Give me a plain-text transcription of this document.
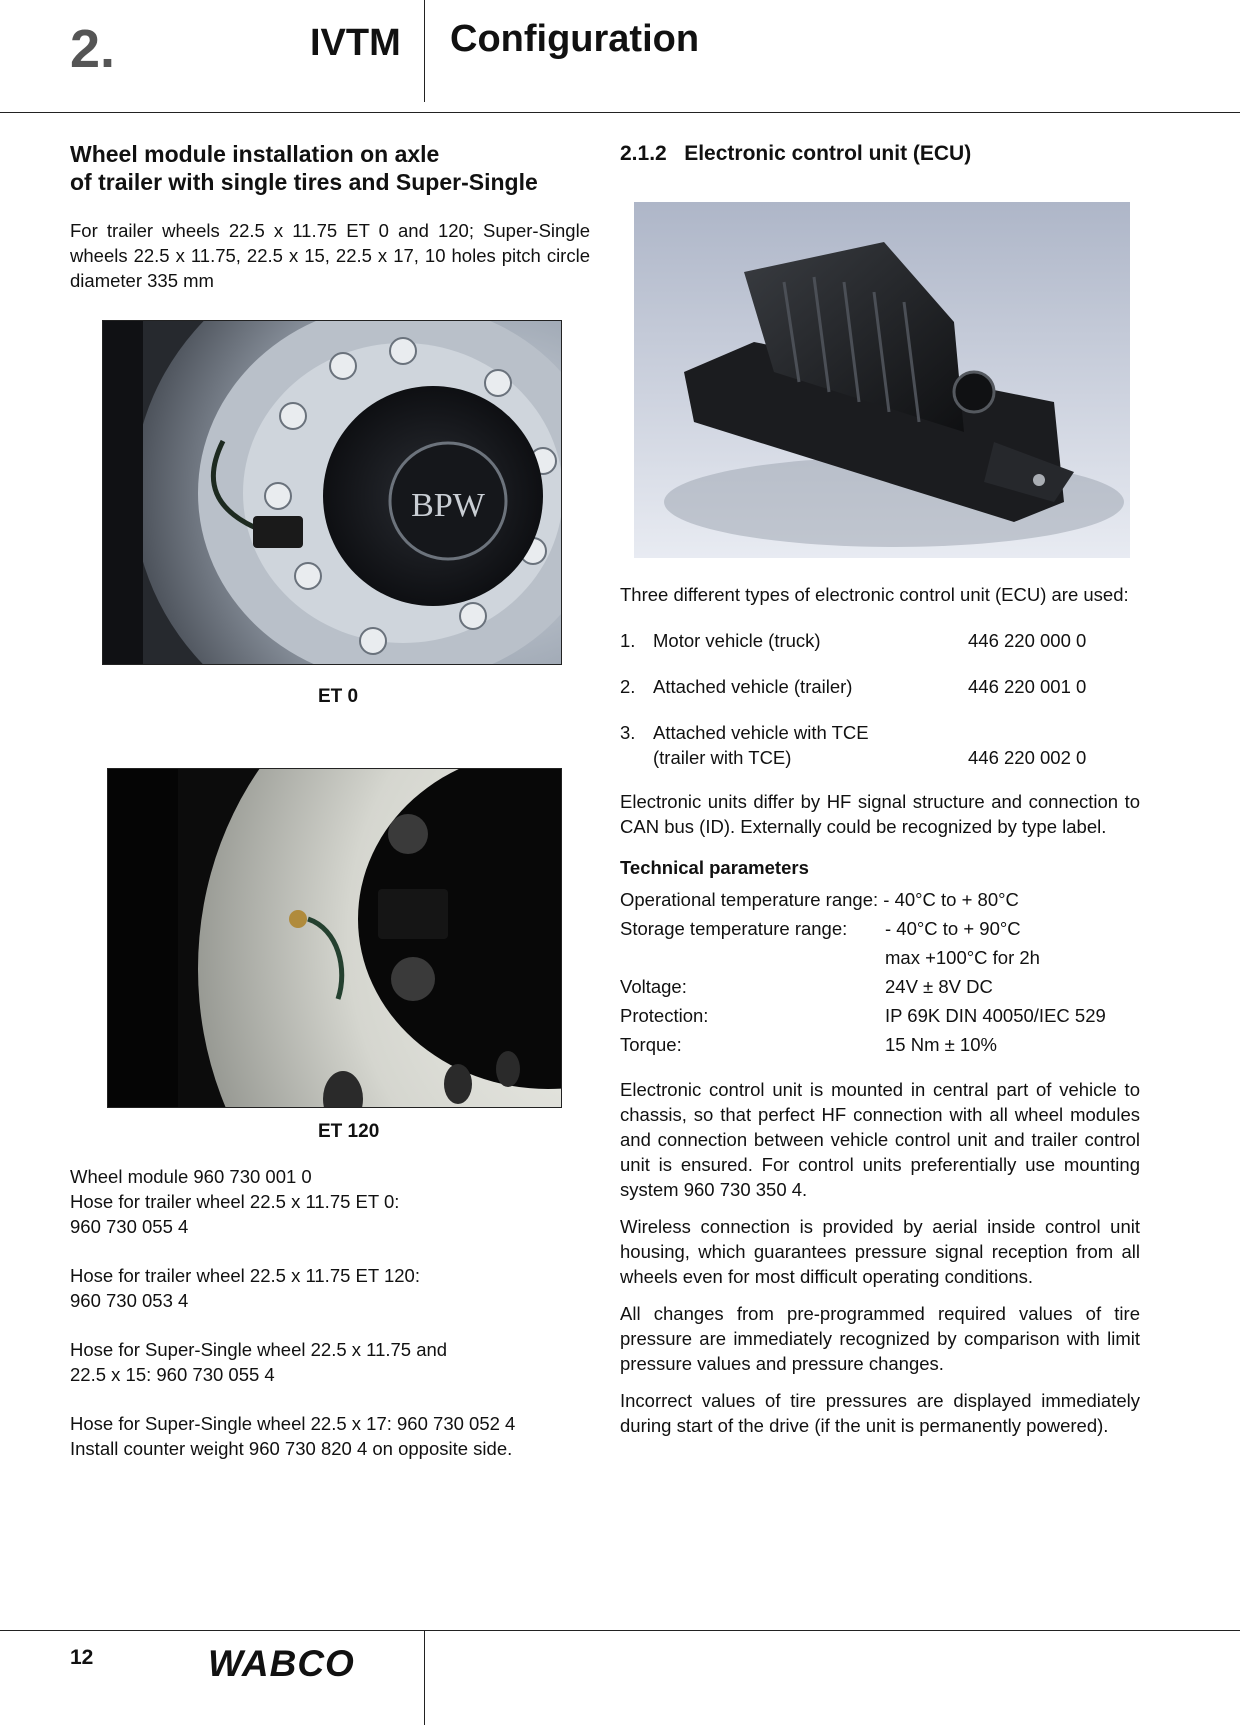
2.	IVTM Configuration
Wheel module installation on axle
of trailer with single tires and Super-Single

For trailer wheels 22.5 x 11.75 ET 0 and 120; Super-Single wheels 22.5 x 11.75, 22.5 x 15, 22.5 x 17, 10 holes pitch circle diameter 335 mm

BPW
ET 0
ET 120

Wheel module 960 730 001 0
Hose for trailer wheel 22.5 x 11.75 ET 0:
960 730 055 4

Hose for trailer wheel 22.5 x 11.75 ET 120:
960 730 053 4

Hose for Super-Single wheel 22.5 x 11.75 and
22.5 x 15: 960 730 055 4

Hose for Super-Single wheel 22.5 x 17: 960 730 052 4
Install counter weight 960 730 820 4 on opposite side.

2.1.2   Electronic control unit (ECU)

Three different types of electronic control unit (ECU) are used:

1. Motor vehicle (truck)	446 220 000 0
2. Attached vehicle (trailer)	446 220 001 0
3. Attached vehicle with TCE
(trailer with TCE)	446 220 002 0

Electronic units differ by HF signal structure and connection to CAN bus (ID). Externally could be recognized by type label.

Technical parameters
Operational temperature range: - 40°C to + 80°C
Storage temperature range:	- 40°C to + 90°C
max +100°C for 2h
Voltage:	24V ± 8V DC
Protection:	IP 69K DIN 40050/IEC 529
Torque:	15 Nm ± 10%

Electronic control unit is mounted in central part of vehicle to chassis, so that perfect HF connection with all wheel modules and connection between vehicle control unit and trailer control unit is ensured. For control units preferentially use mounting system 960 730 350 4.

Wireless connection is provided by aerial inside control unit housing, which guarantees pressure signal reception from all wheels even for most difficult operating conditions.

All changes from pre-programmed required values of tire pressure are immediately recognized by comparison with limit pressure values and pressure changes.

Incorrect values of tire pressures are displayed immediately during start of the drive (if the unit is permanently powered).

12	WABCO
